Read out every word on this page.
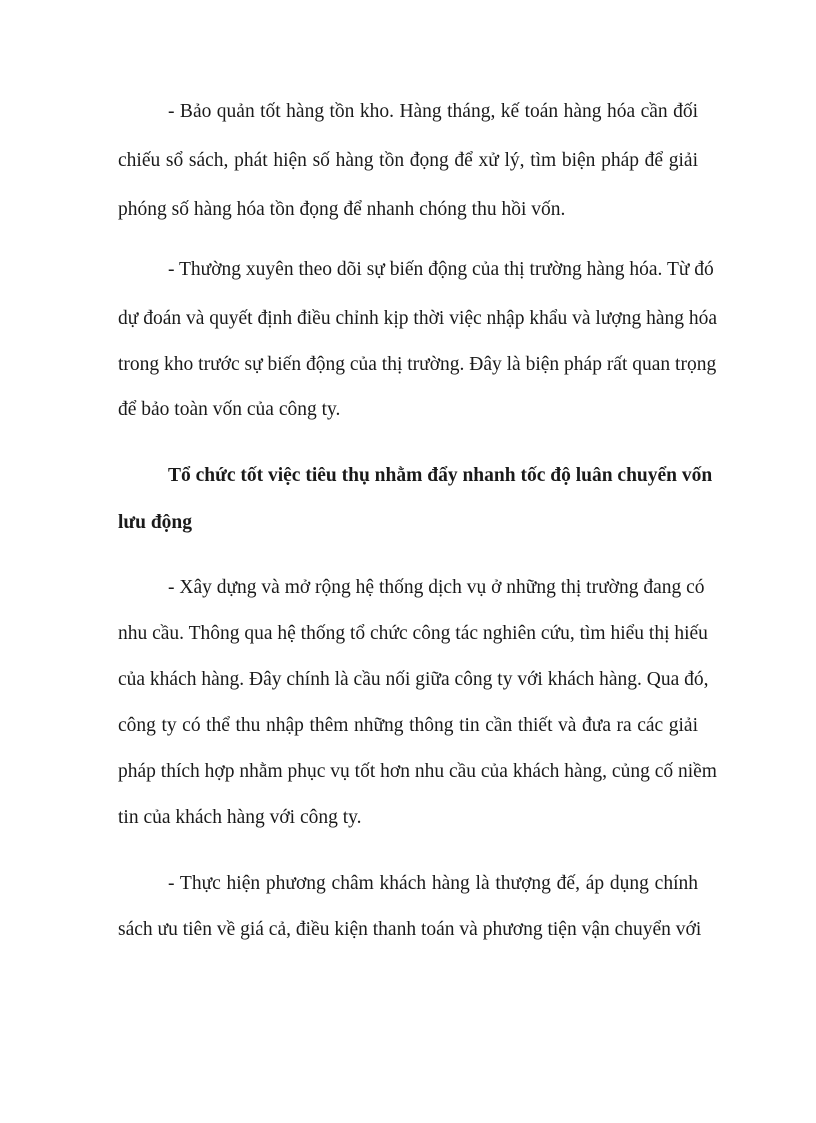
- Bảo quản tốt hàng tồn kho. Hàng tháng, kế toán hàng hóa cần đối

chiếu sổ sách, phát hiện số hàng tồn đọng để xử lý, tìm biện pháp để giải

phóng số hàng hóa tồn đọng để nhanh chóng thu hồi vốn.

- Thường xuyên theo dõi sự biến động của thị trường hàng hóa. Từ đó

dự đoán và quyết định điều chỉnh kịp thời việc nhập khẩu và lượng hàng hóa

trong kho trước sự biến động của thị trường. Đây là biện pháp rất quan trọng

để bảo toàn vốn của công ty.

Tổ chức tốt việc tiêu thụ nhằm đẩy nhanh tốc độ luân chuyển vốn

lưu động

- Xây dựng và mở rộng hệ thống dịch vụ ở những thị trường đang có

nhu cầu. Thông qua hệ thống tổ chức công tác nghiên cứu, tìm hiểu thị hiếu

của khách hàng. Đây chính là cầu nối giữa công ty với khách hàng. Qua đó,

công ty có thể thu nhập thêm những thông tin cần thiết và đưa ra các giải

pháp thích hợp nhằm phục vụ tốt hơn nhu cầu của khách hàng, củng cố niềm

tin của khách hàng với công ty.

- Thực hiện phương châm khách hàng là thượng đế, áp dụng chính

sách ưu tiên về giá cả, điều kiện thanh toán và phương tiện vận chuyển với
